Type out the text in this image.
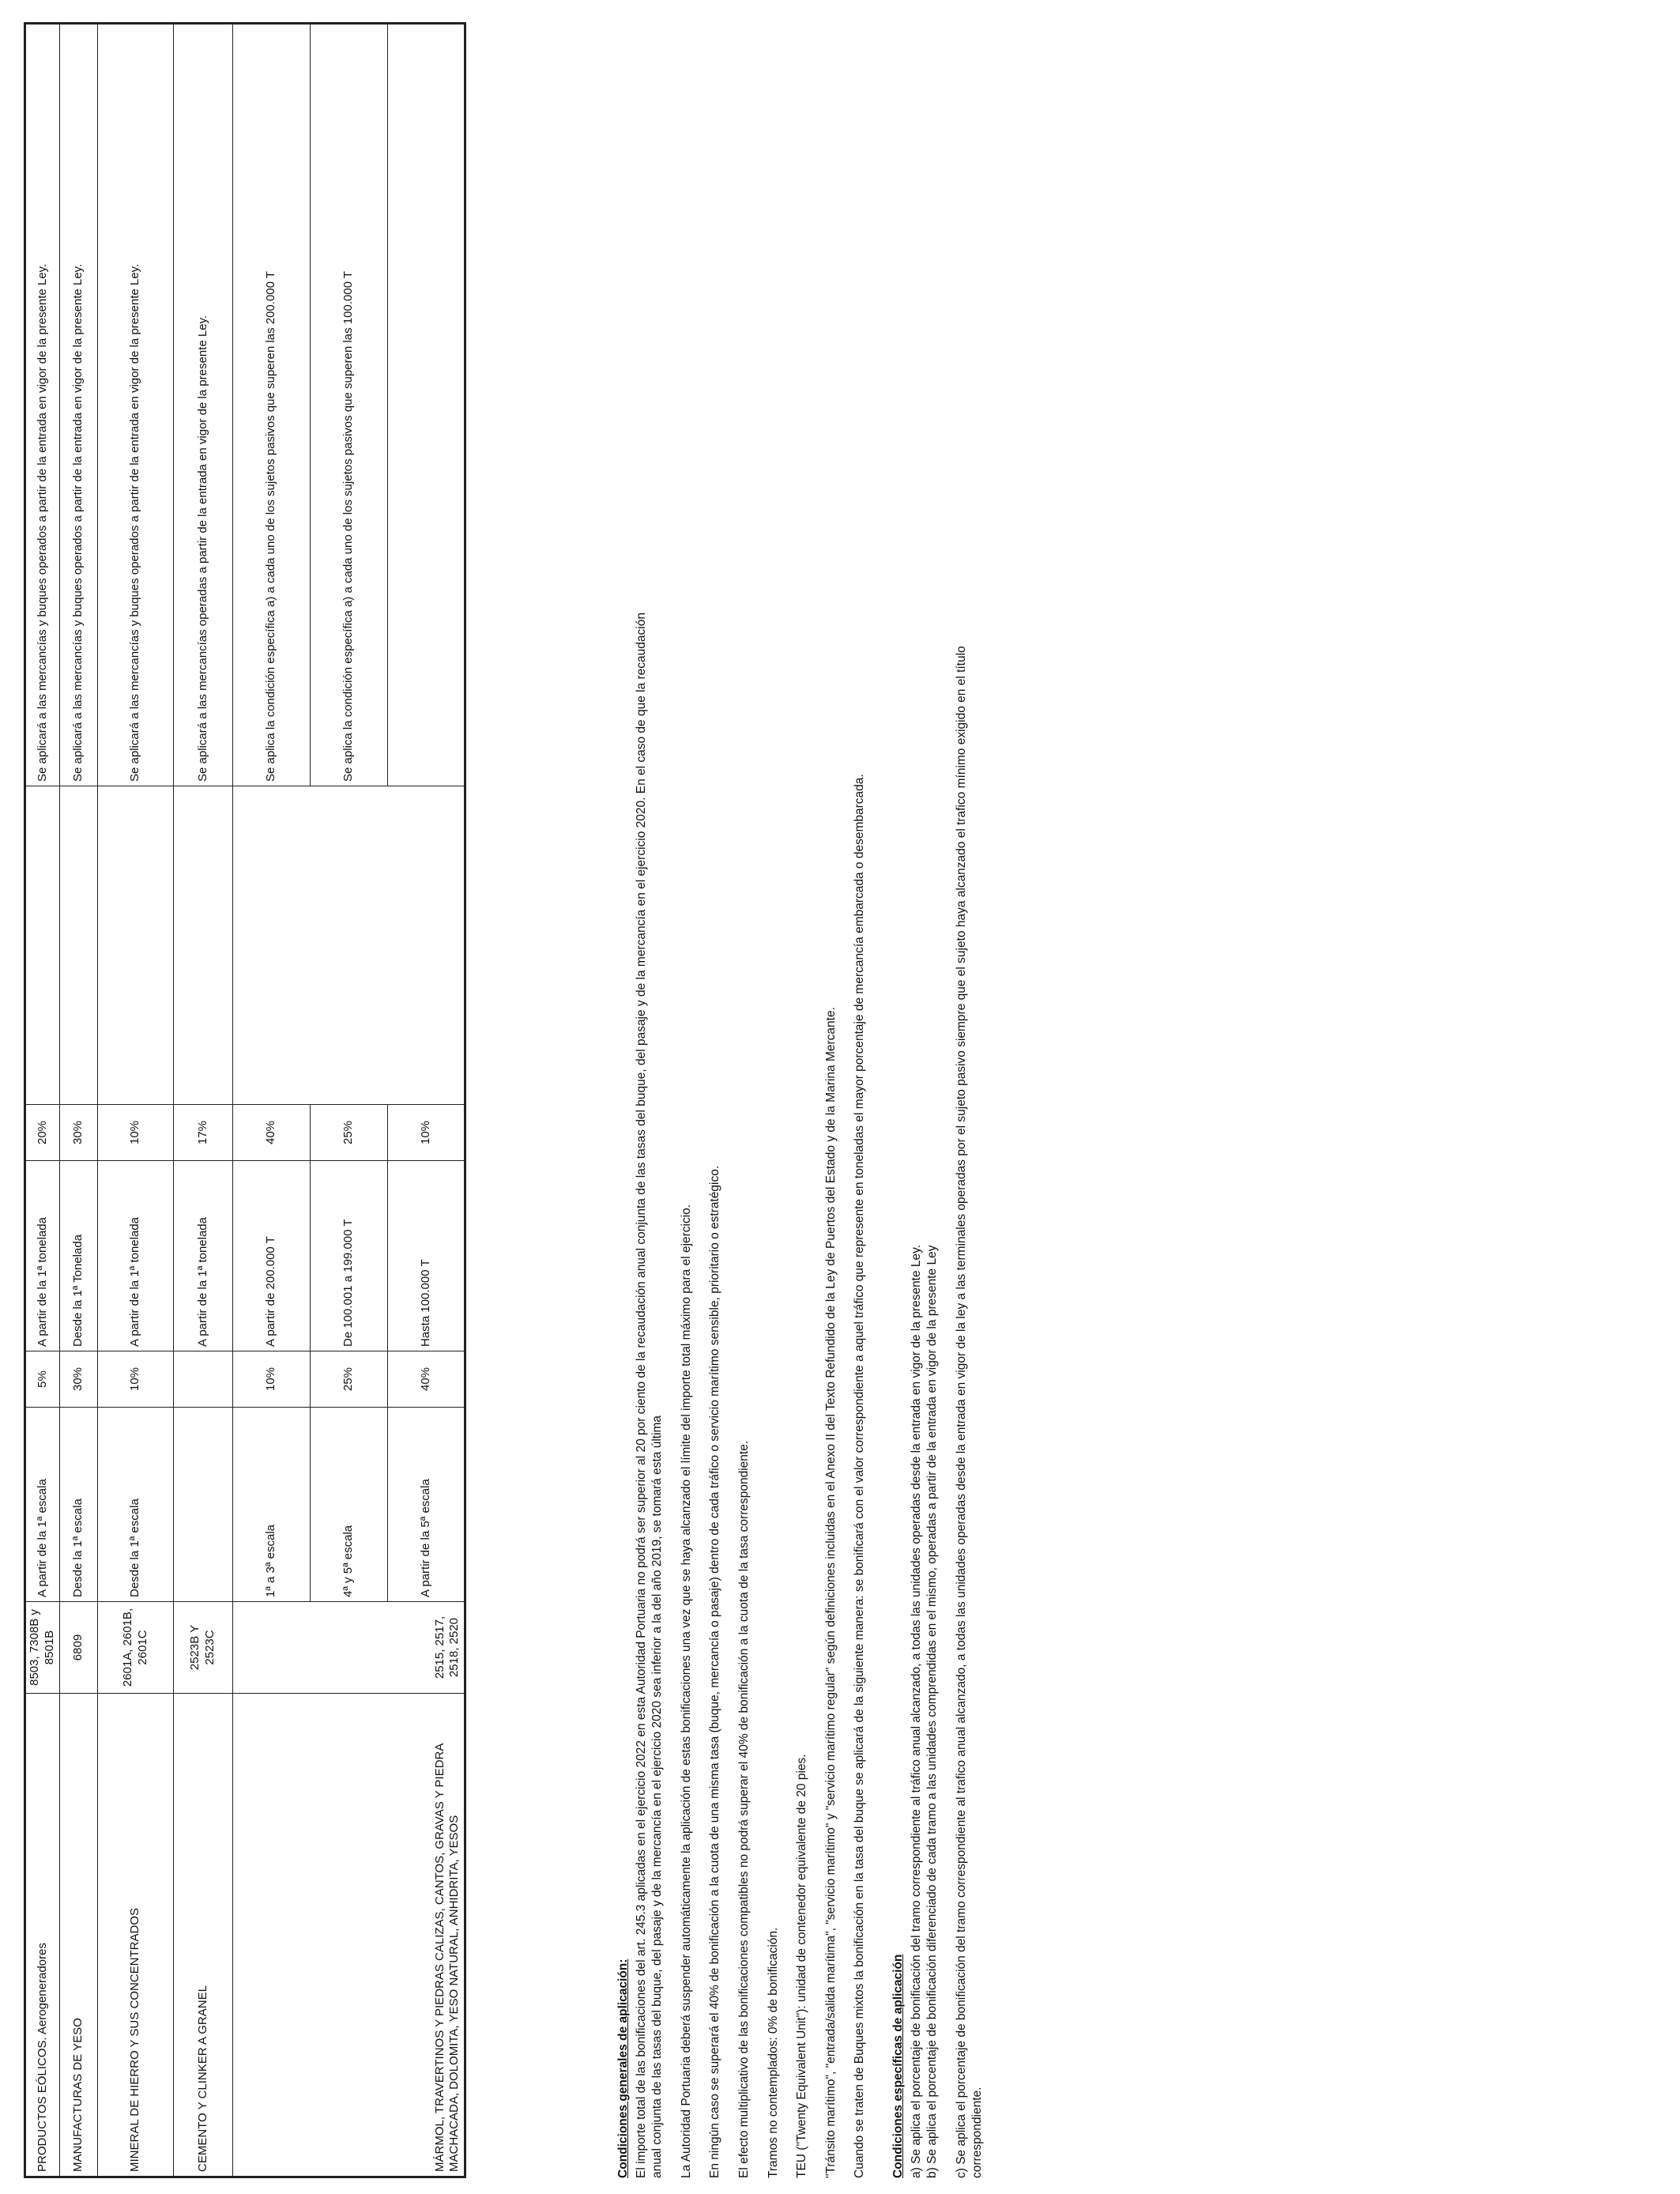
PRODUCTOS EÓLICOS. Aerogeneradores	8503, 7308B y 8501B	A partir de la 1ª escala	5%	A partir de la 1ª tonelada	20%		Se aplicará a las mercancías y buques operados a partir de la entrada en vigor de la presente Ley.
MANUFACTURAS DE YESO	6809	Desde la 1ª escala	30%	Desde la 1ª Tonelada	30%		Se aplicará a las mercancías y buques operados a partir de la entrada en vigor de la presente Ley.
MINERAL DE HIERRO Y SUS CONCENTRADOS	2601A, 2601B, 2601C	Desde la 1ª escala	10%	A partir de la 1ª tonelada	10%		Se aplicará a las mercancías y buques operados a partir de la entrada en vigor de la presente Ley.
CEMENTO Y CLINKER A GRANEL	2523B Y 2523C			A partir de la 1ª tonelada	17%		Se aplicará a las mercancías operadas a partir de la entrada en vigor de la presente Ley.
MÁRMOL, TRAVERTINOS Y PIEDRAS CALIZAS, CANTOS, GRAVAS Y PIEDRA MACHACADA, DOLOMITA, YESO NATURAL, ANHIDRITA, YESOS	2515, 2517, 2518, 2520	1ª a 3ª escala	10%	A partir de 200.000 T	40%		Se aplica la condición específica a) a cada uno de los sujetos pasivos que superen las 200.000 T
		4ª y 5ª escala	25%	De 100.001 a 199.000 T	25%		Se aplica la condición específica a) a cada uno de los sujetos pasivos que superen las 100.000 T
		A partir de la 5ª escala	40%	Hasta 100.000 T	10%		
Condiciones generales de aplicación: El importe total de las bonificaciones del art. 245.3 aplicadas en el ejercicio 2022 en esta Autoridad Portuaria no podrá ser superior al 20 por ciento de la recaudación anual conjunta de las tasas del buque, del pasaje y de la mercancía en el ejercicio 2020. En el caso de que la recaudación anual conjunta de las tasas del buque, del pasaje y de la mercancía en el ejercicio 2020 sea inferior a la del año 2019, se tomará esta última La Autoridad Portuaria deberá suspender automáticamente la aplicación de estas bonificaciones una vez que se haya alcanzado el límite del importe total máximo para el ejercicio. En ningún caso se superará el 40% de bonificación a la cuota de una misma tasa (buque, mercancía o pasaje) dentro de cada tráfico o servicio marítimo sensible, prioritario o estratégico. El efecto multiplicativo de las bonificaciones compatibles no podrá superar el 40% de bonificación a la cuota de la tasa correspondiente. Tramos no contemplados: 0% de bonificación. TEU ("Twenty Equivalent Unit"): unidad de contenedor equivalente de 20 pies. "Tránsito marítimo", "entrada/salida marítima", "servicio marítimo" y "servicio marítimo regular" según definiciones incluidas en el Anexo II del Texto Refundido de la Ley de Puertos del Estado y de la Marina Mercante. Cuando se traten de Buques mixtos la bonificación en la tasa del buque se aplicará de la siguiente manera: se bonificará con el valor correspondiente a aquel tráfico que represente en toneladas el mayor porcentaje de mercancía embarcada o desembarcada. Condiciones específicas de aplicación a) Se aplica el porcentaje de bonificación del tramo correspondiente al tráfico anual alcanzado, a todas las unidades operadas desde la entrada en vigor de la presente Ley. b) Se aplica el porcentaje de bonificación diferenciado de cada tramo a las unidades comprendidas en el mismo, operadas a partir de la entrada en vigor de la presente Ley c) Se aplica el porcentaje de bonificación del tramo correspondiente al trafico anual alcanzado, a todas las unidades operadas desde la entrada en vigor de la ley a las terminales operadas por el sujeto pasivo siempre que el sujeto haya alcanzado el trafico mínimo exigido en el título correspondiente.
